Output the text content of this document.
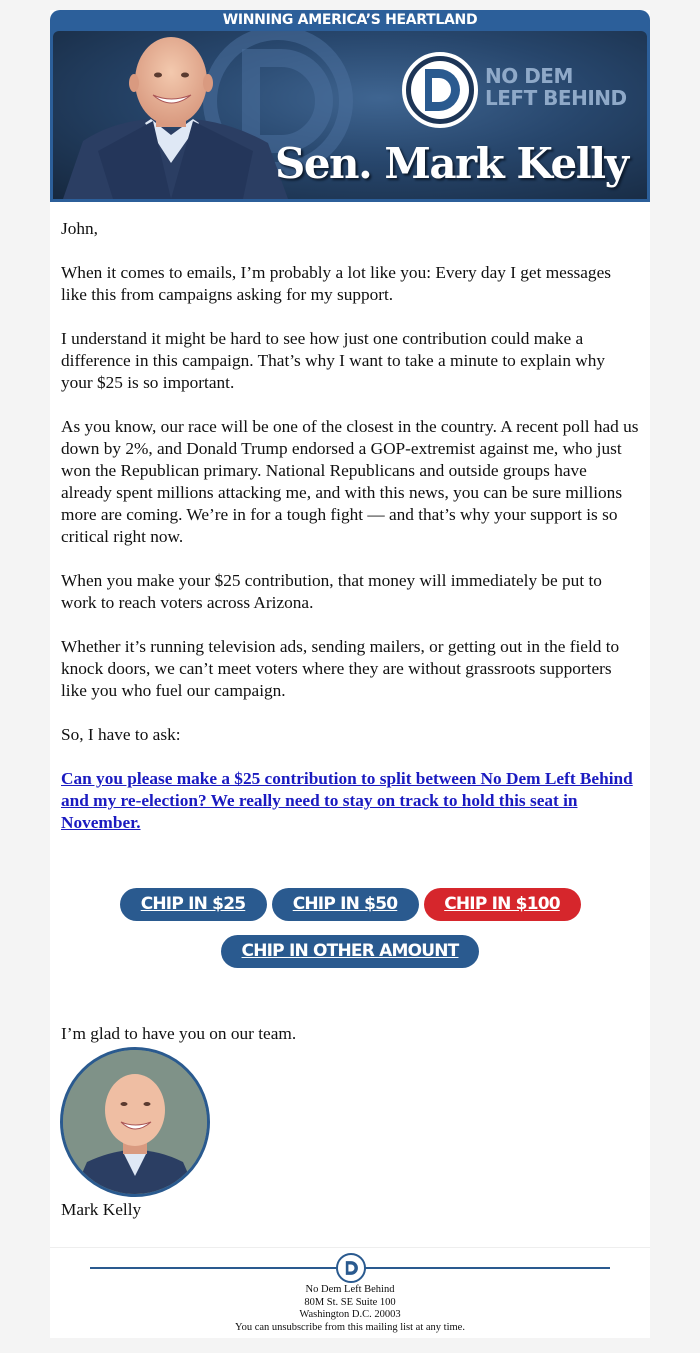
WINNING AMERICA’S HEARTLAND
NO DEM
LEFT BEHIND
Sen. Mark Kelly

John,

When it comes to emails, I’m probably a lot like you: Every day I get messages like this from campaigns asking for my support.

I understand it might be hard to see how just one contribution could make a difference in this campaign. That’s why I want to take a minute to explain why your $25 is so important.

As you know, our race will be one of the closest in the country. A recent poll had us down by 2%, and Donald Trump endorsed a GOP-extremist against me, who just won the Republican primary. National Republicans and outside groups have already spent millions attacking me, and with this news, you can be sure millions more are coming. We’re in for a tough fight — and that’s why your support is so critical right now.

When you make your $25 contribution, that money will immediately be put to work to reach voters across Arizona.

Whether it’s running television ads, sending mailers, or getting out in the field to knock doors, we can’t meet voters where they are without grassroots supporters like you who fuel our campaign.

So, I have to ask:

Can you please make a $25 contribution to split between No Dem Left Behind and my re-election? We really need to stay on track to hold this seat in November.

CHIP IN $25	CHIP IN $50	CHIP IN $100
CHIP IN OTHER AMOUNT
I’m glad to have you on our team.
Mark Kelly
No Dem Left Behind
80M St. SE Suite 100
Washington D.C. 20003
You can unsubscribe from this mailing list at any time.
